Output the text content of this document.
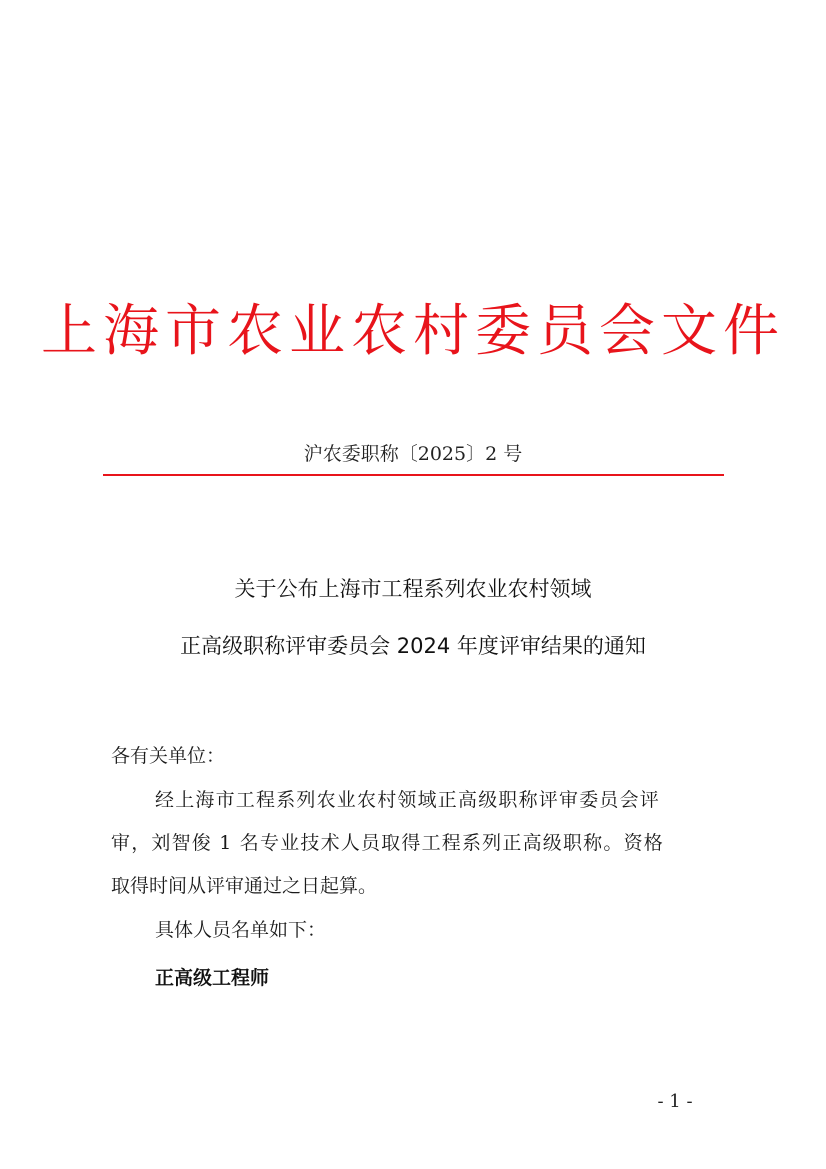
上海市农业农村委员会文件
沪农委职称〔2025〕2 号
关于公布上海市工程系列农业农村领域
正高级职称评审委员会 2024 年度评审结果的通知
各有关单位：
经上海市工程系列农业农村领域正高级职称评审委员会评
审，刘智俊 1 名专业技术人员取得工程系列正高级职称。资格
取得时间从评审通过之日起算。
具体人员名单如下：
正高级工程师
- 1 -
